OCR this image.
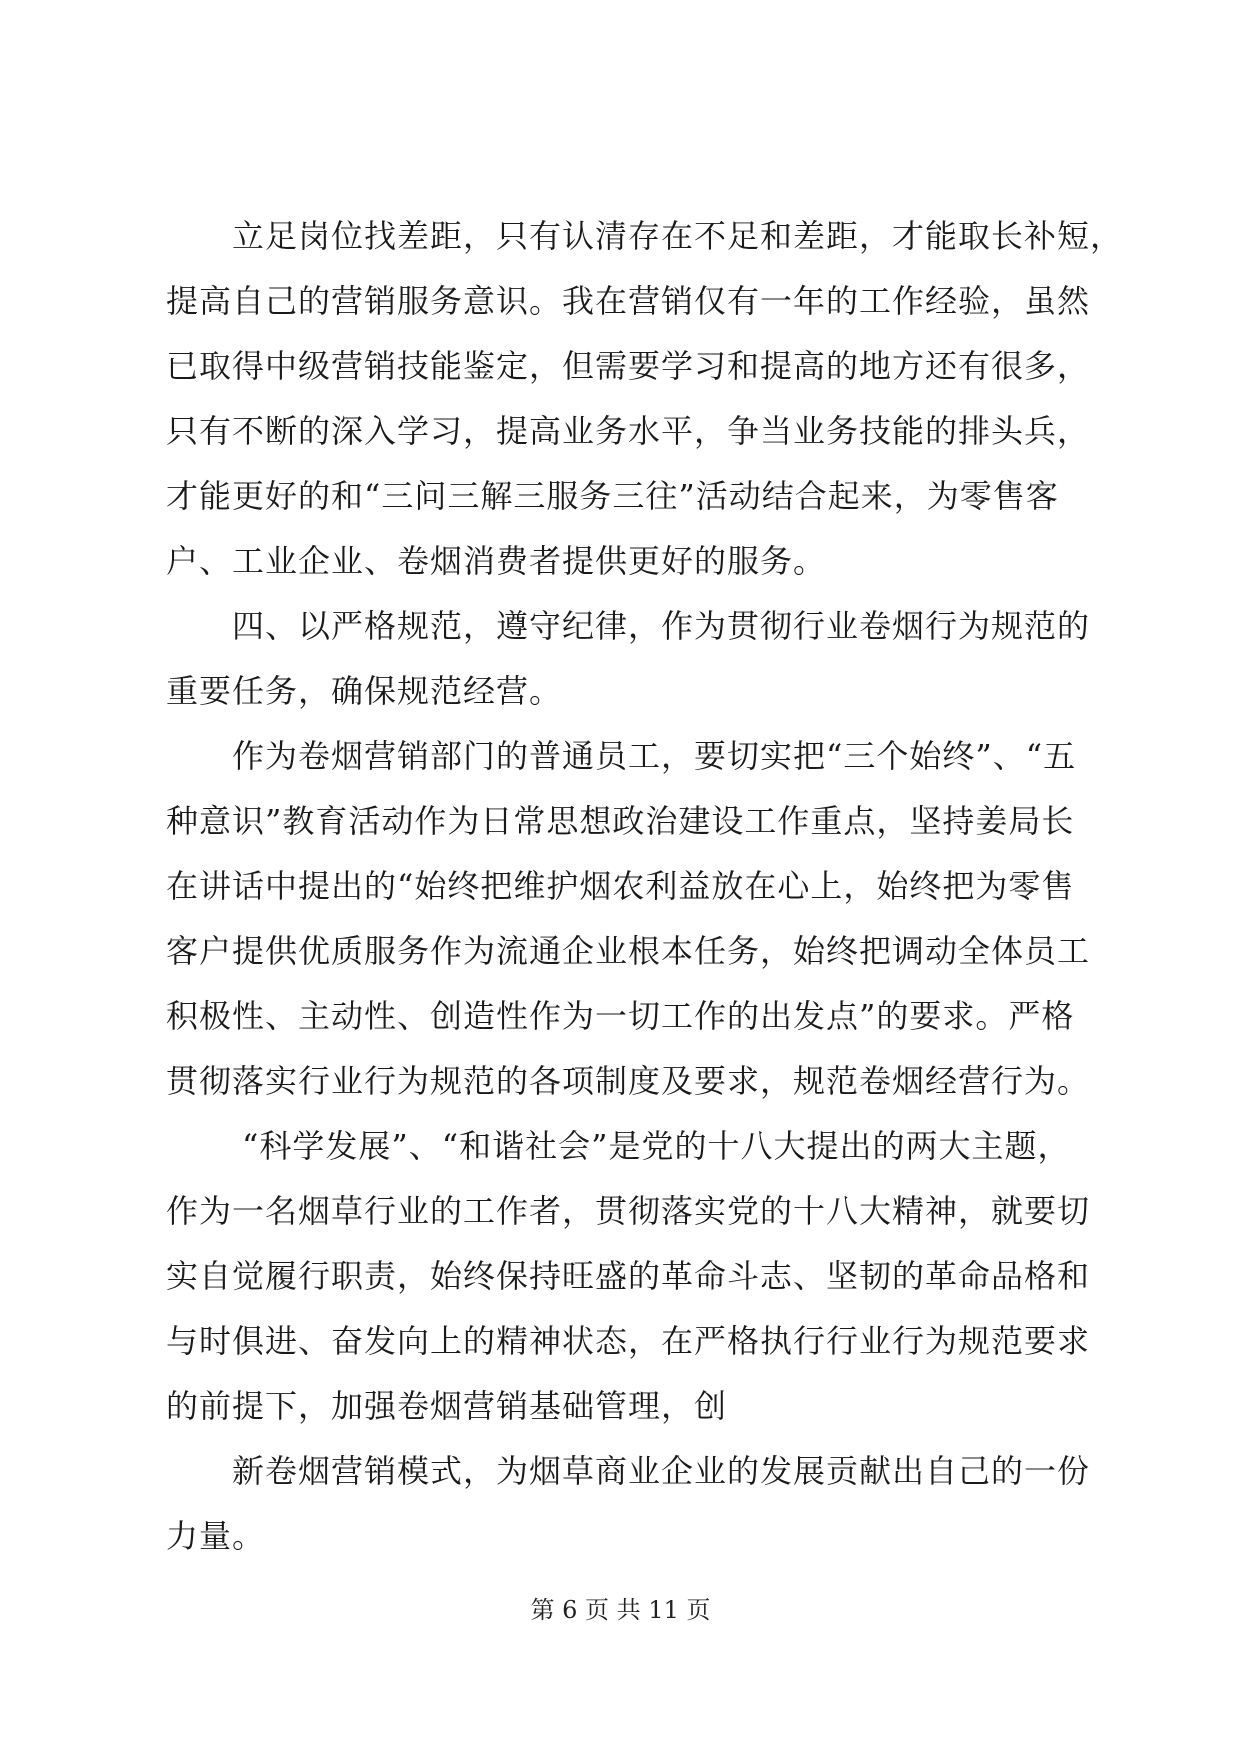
立足岗位找差距，只有认清存在不足和差距，才能取长补短，
提高自己的营销服务意识。我在营销仅有一年的工作经验，虽然
已取得中级营销技能鉴定，但需要学习和提高的地方还有很多，
只有不断的深入学习，提高业务水平，争当业务技能的排头兵，
才能更好的和“三问三解三服务三往”活动结合起来，为零售客
户、工业企业、卷烟消费者提供更好的服务。
四、以严格规范，遵守纪律，作为贯彻行业卷烟行为规范的
重要任务，确保规范经营。
作为卷烟营销部门的普通员工，要切实把“三个始终”、“五
种意识”教育活动作为日常思想政治建设工作重点，坚持姜局长
在讲话中提出的“始终把维护烟农利益放在心上，始终把为零售
客户提供优质服务作为流通企业根本任务，始终把调动全体员工
积极性、主动性、创造性作为一切工作的出发点”的要求。严格
贯彻落实行业行为规范的各项制度及要求，规范卷烟经营行为。
“科学发展”、“和谐社会”是党的十八大提出的两大主题，
作为一名烟草行业的工作者，贯彻落实党的十八大精神，就要切
实自觉履行职责，始终保持旺盛的革命斗志、坚韧的革命品格和
与时俱进、奋发向上的精神状态，在严格执行行业行为规范要求
的前提下，加强卷烟营销基础管理，创
新卷烟营销模式，为烟草商业企业的发展贡献出自己的一份
力量。
第 6 页 共 11 页
